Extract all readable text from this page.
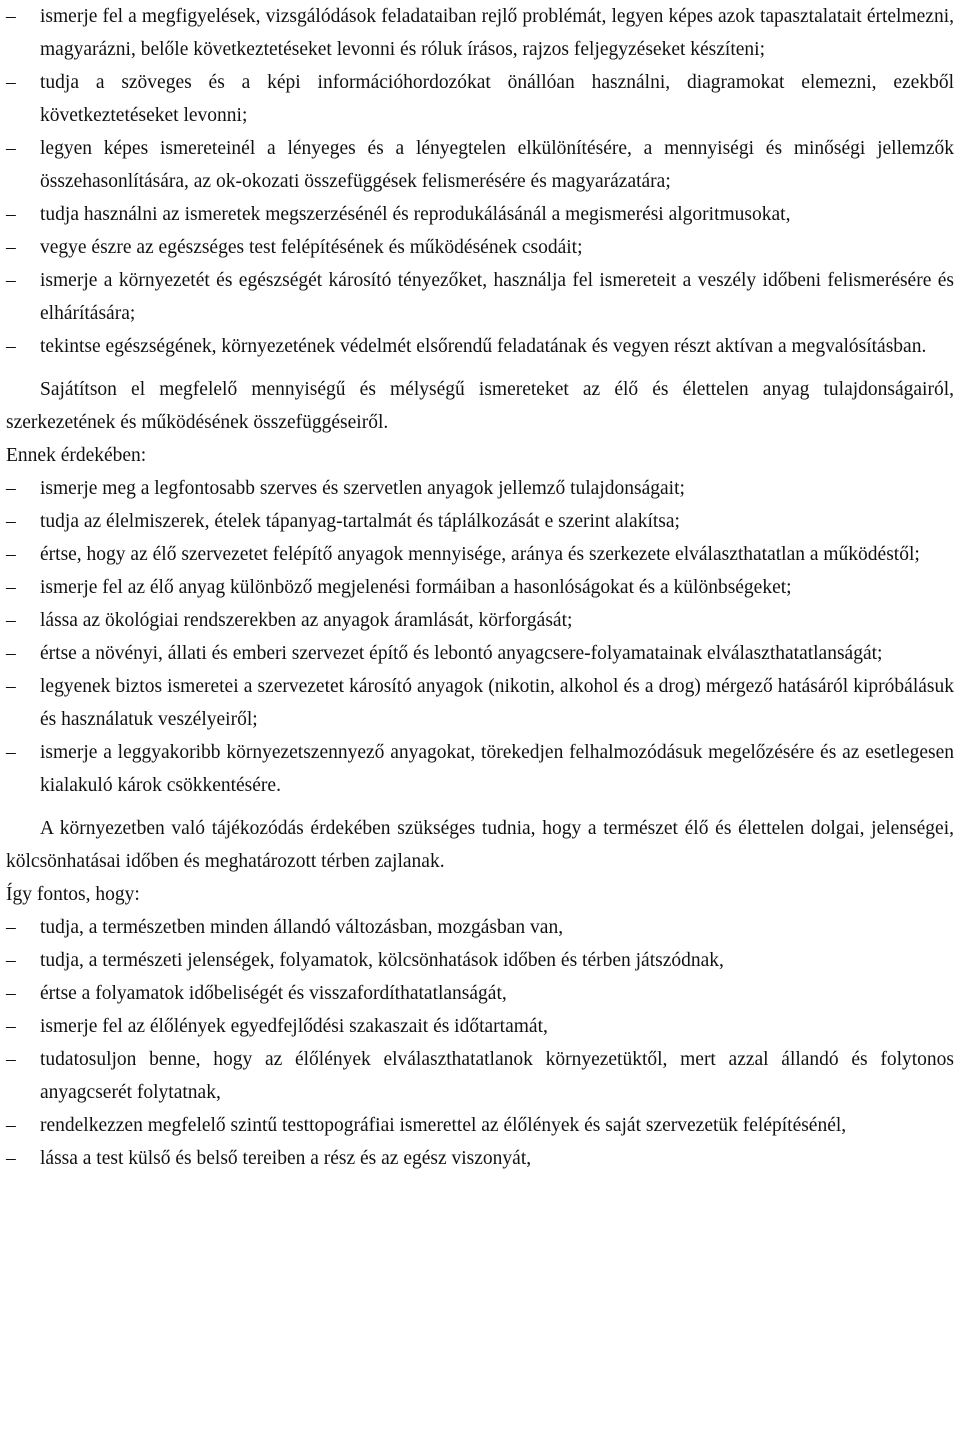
–	ismerje fel a megfigyelések, vizsgálódások feladataiban rejlő problémát, legyen képes azok tapasztalatait értelmezni, magyarázni, belőle következtetéseket levonni és róluk írásos, rajzos feljegyzéseket készíteni;
–	tudja a szöveges és a képi információhordozókat önállóan használni, diagramokat elemezni, ezekből következtetéseket levonni;
–	legyen képes ismereteinél a lényeges és a lényegtelen elkülönítésére, a mennyiségi és minőségi jellemzők összehasonlítására, az ok-okozati összefüggések felismerésére és magyarázatára;
–	tudja használni az ismeretek megszerzésénél és reprodukálásánál a megismerési algoritmusokat,
–	vegye észre az egészséges test felépítésének és működésének csodáit;
–	ismerje a környezetét és egészségét károsító tényezőket, használja fel ismereteit a veszély időbeni felismerésére és elhárítására;
–	tekintse egészségének, környezetének védelmét elsőrendű feladatának és vegyen részt aktívan a megvalósításban.

Sajátítson el megfelelő mennyiségű és mélységű ismereteket az élő és élettelen anyag tulajdonságairól, szerkezetének és működésének összefüggéseiről.

Ennek érdekében:

–	ismerje meg a legfontosabb szerves és szervetlen anyagok jellemző tulajdonságait;
–	tudja az élelmiszerek, ételek tápanyag-tartalmát és táplálkozását e szerint alakítsa;
–	értse, hogy az élő szervezetet felépítő anyagok mennyisége, aránya és szerkezete elválaszthatatlan a működéstől;
–	ismerje fel az élő anyag különböző megjelenési formáiban a hasonlóságokat és a különbségeket;
–	lássa az ökológiai rendszerekben az anyagok áramlását, körforgását;
–	értse a növényi, állati és emberi szervezet építő és lebontó anyagcsere-folyamatainak elválaszthatatlanságát;
–	legyenek biztos ismeretei a szervezetet károsító anyagok (nikotin, alkohol és a drog) mérgező hatásáról kipróbálásuk és használatuk veszélyeiről;
–	ismerje a leggyakoribb környezetszennyező anyagokat, törekedjen felhalmozódásuk megelőzésére és az esetlegesen kialakuló károk csökkentésére.

A környezetben való tájékozódás érdekében szükséges tudnia, hogy a természet élő és élettelen dolgai, jelenségei, kölcsönhatásai időben és meghatározott térben zajlanak.

Így fontos, hogy:

–	tudja, a természetben minden állandó változásban, mozgásban van,
–	tudja, a természeti jelenségek, folyamatok, kölcsönhatások időben és térben játszódnak,
–	értse a folyamatok időbeliségét és visszafordíthatatlanságát,
–	ismerje fel az élőlények egyedfejlődési szakaszait és időtartamát,
–	tudatosuljon benne, hogy az élőlények elválaszthatatlanok környezetüktől, mert azzal állandó és folytonos anyagcserét folytatnak,
–	rendelkezzen megfelelő szintű testtopográfiai ismerettel az élőlények és saját szervezetük felépítésénél,
–	lássa a test külső és belső tereiben a rész és az egész viszonyát,
